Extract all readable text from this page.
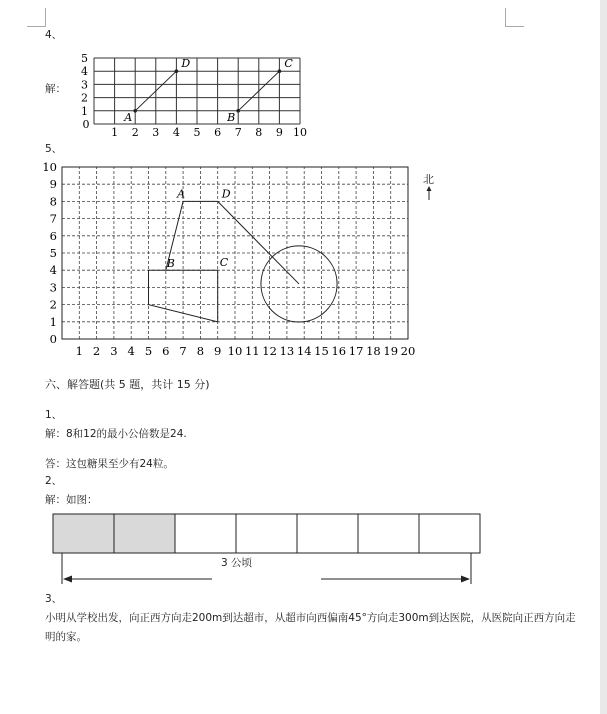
4、
解：
0
1 2 3 4 5 6 7 8 9 10
1
2
3
4
5
A
D
B
C
5、
1 2 3 4 5 6 7 8 9 10 11 12 13 14 15 16 17 18 19 20
0
1
2
3
4
5
6
7
8
9
10
A
B	C
D
北
六、解答题(共 5 题，共计 15 分)
1、
解：8和12的最小公倍数是24.
答：这包糖果至少有24粒。
2、
解：如图：
3 公顷
3、
小明从学校出发，向正西方向走200m到达超市，从超市向西偏南45°方向走300m到达医院，从医院向正西方向走
明的家。
